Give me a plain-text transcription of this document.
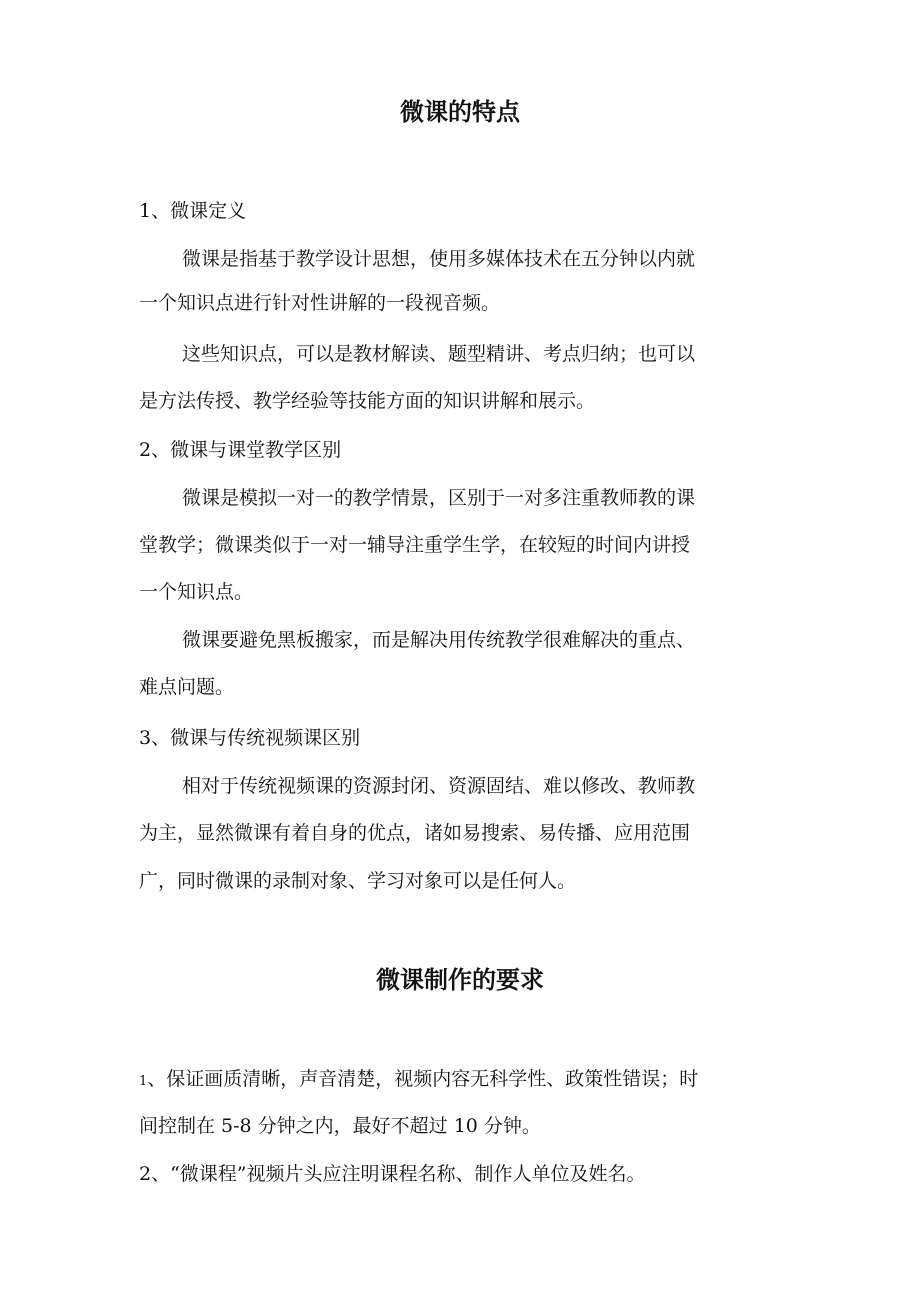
微课的特点
1、微课定义
微课是指基于教学设计思想，使用多媒体技术在五分钟以内就
一个知识点进行针对性讲解的一段视音频。
这些知识点，可以是教材解读、题型精讲、考点归纳；也可以
是方法传授、教学经验等技能方面的知识讲解和展示。
2、微课与课堂教学区别
微课是模拟一对一的教学情景，区别于一对多注重教师教的课
堂教学；微课类似于一对一辅导注重学生学，在较短的时间内讲授
一个知识点。
微课要避免黑板搬家，而是解决用传统教学很难解决的重点、
难点问题。
3、微课与传统视频课区别
相对于传统视频课的资源封闭、资源固结、难以修改、教师教
为主，显然微课有着自身的优点，诸如易搜索、易传播、应用范围
广，同时微课的录制对象、学习对象可以是任何人。
微课制作的要求
1、保证画质清晰，声音清楚，视频内容无科学性、政策性错误；时
间控制在 5-8 分钟之内，最好不超过 10 分钟。
2、“微课程”视频片头应注明课程名称、制作人单位及姓名。
